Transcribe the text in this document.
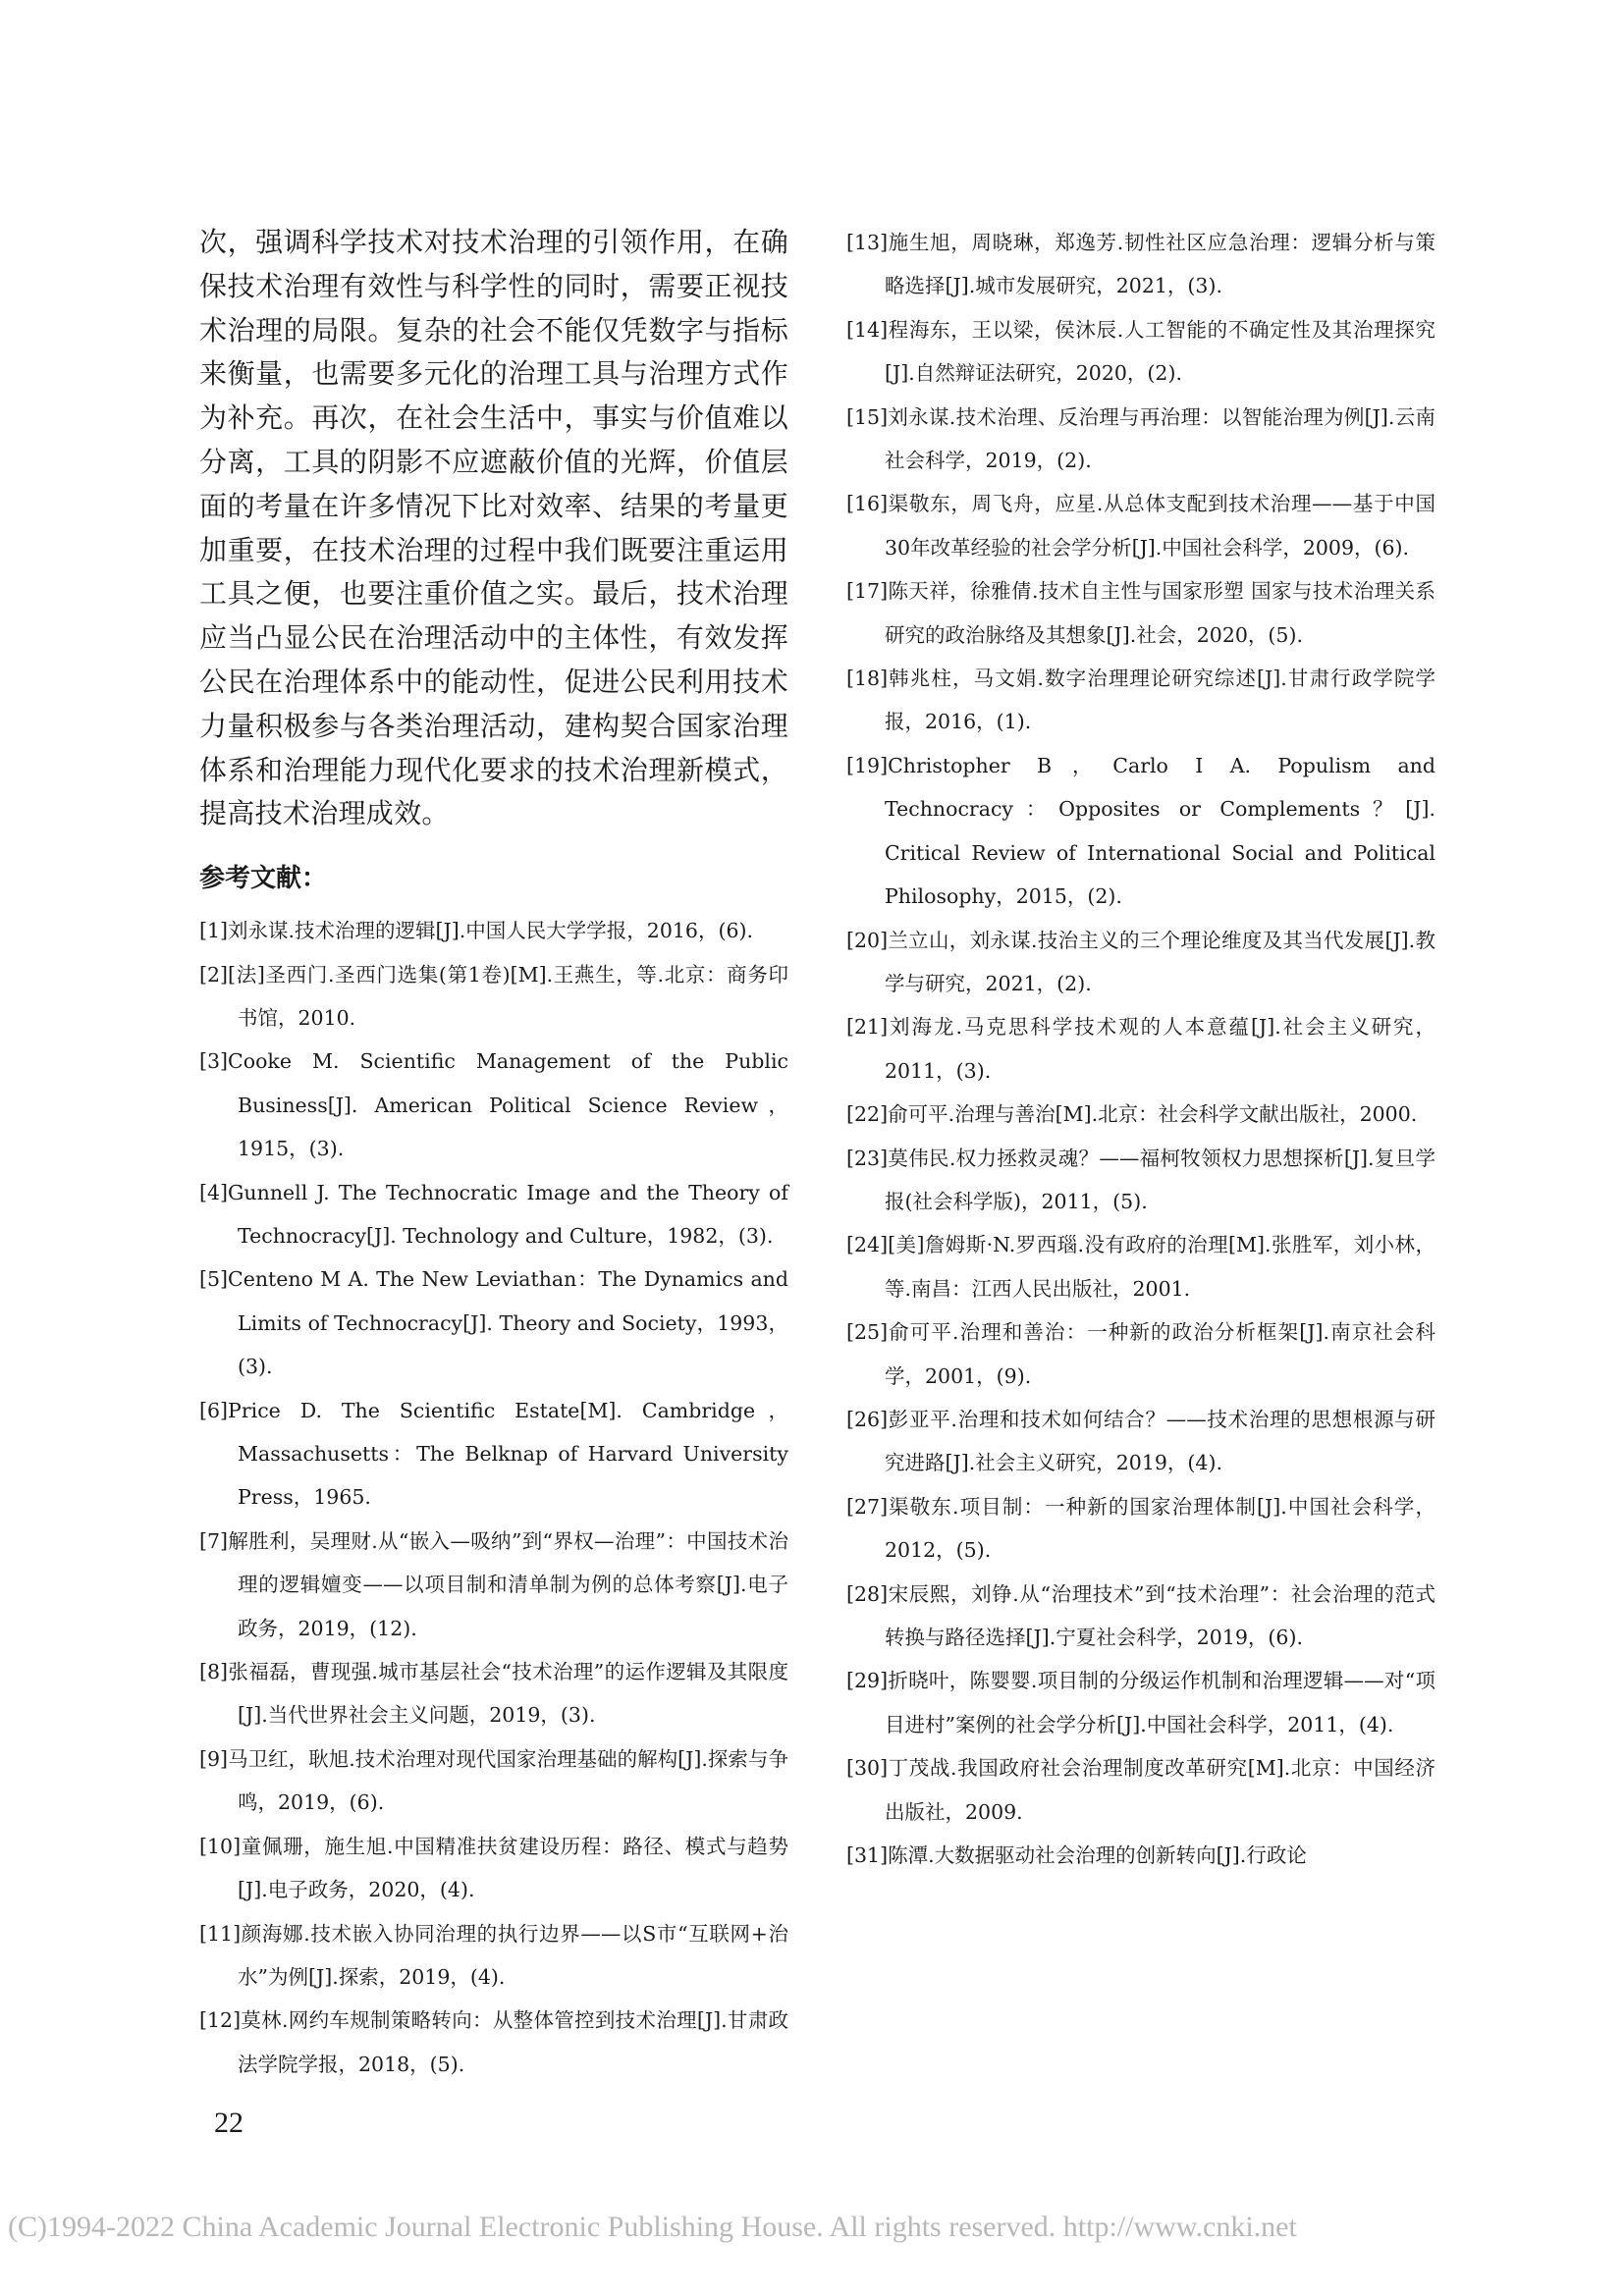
次，强调科学技术对技术治理的引领作用，在确保技术治理有效性与科学性的同时，需要正视技术治理的局限。复杂的社会不能仅凭数字与指标来衡量，也需要多元化的治理工具与治理方式作为补充。再次，在社会生活中，事实与价值难以分离，工具的阴影不应遮蔽价值的光辉，价值层面的考量在许多情况下比对效率、结果的考量更加重要，在技术治理的过程中我们既要注重运用工具之便，也要注重价值之实。最后，技术治理应当凸显公民在治理活动中的主体性，有效发挥公民在治理体系中的能动性，促进公民利用技术力量积极参与各类治理活动，建构契合国家治理体系和治理能力现代化要求的技术治理新模式，提高技术治理成效。

参考文献：
[1]刘永谋.技术治理的逻辑[J].中国人民大学学报，2016，(6).
[2][法]圣西门.圣西门选集(第1卷)[M].王燕生，等.北京：商务印书馆，2010.
[3]Cooke M. Scientific Management of the Public Business[J]. American Political Science Review，1915，(3).
[4]Gunnell J. The Technocratic Image and the Theory of Technocracy[J]. Technology and Culture，1982，(3).
[5]Centeno M A. The New Leviathan：The Dynamics and Limits of Technocracy[J]. Theory and Society，1993，(3).
[6]Price D. The Scientific Estate[M]. Cambridge，Massachusetts：The Belknap of Harvard University Press，1965.
[7]解胜利，吴理财.从“嵌入—吸纳”到“界权—治理”：中国技术治理的逻辑嬗变——以项目制和清单制为例的总体考察[J].电子政务，2019，(12).
[8]张福磊，曹现强.城市基层社会“技术治理”的运作逻辑及其限度[J].当代世界社会主义问题，2019，(3).
[9]马卫红，耿旭.技术治理对现代国家治理基础的解构[J].探索与争鸣，2019，(6).
[10]童佩珊，施生旭.中国精准扶贫建设历程：路径、模式与趋势[J].电子政务，2020，(4).
[11]颜海娜.技术嵌入协同治理的执行边界——以S市“互联网+治水”为例[J].探索，2019，(4).
[12]莫林.网约车规制策略转向：从整体管控到技术治理[J].甘肃政法学院学报，2018，(5).
[13]施生旭，周晓琳，郑逸芳.韧性社区应急治理：逻辑分析与策略选择[J].城市发展研究，2021，(3).
[14]程海东，王以梁，侯沐辰.人工智能的不确定性及其治理探究[J].自然辩证法研究，2020，(2).
[15]刘永谋.技术治理、反治理与再治理：以智能治理为例[J].云南社会科学，2019，(2).
[16]渠敬东，周飞舟，应星.从总体支配到技术治理——基于中国30年改革经验的社会学分析[J].中国社会科学，2009，(6).
[17]陈天祥，徐雅倩.技术自主性与国家形塑 国家与技术治理关系研究的政治脉络及其想象[J].社会，2020，(5).
[18]韩兆柱，马文娟.数字治理理论研究综述[J].甘肃行政学院学报，2016，(1).
[19]Christopher B，Carlo I A. Populism and Technocracy：Opposites or Complements？[J]. Critical Review of International Social and Political Philosophy，2015，(2).
[20]兰立山，刘永谋.技治主义的三个理论维度及其当代发展[J].教学与研究，2021，(2).
[21]刘海龙.马克思科学技术观的人本意蕴[J].社会主义研究，2011，(3).
[22]俞可平.治理与善治[M].北京：社会科学文献出版社，2000.
[23]莫伟民.权力拯救灵魂？——福柯牧领权力思想探析[J].复旦学报(社会科学版)，2011，(5).
[24][美]詹姆斯·N.罗西瑙.没有政府的治理[M].张胜军，刘小林，等.南昌：江西人民出版社，2001.
[25]俞可平.治理和善治：一种新的政治分析框架[J].南京社会科学，2001，(9).
[26]彭亚平.治理和技术如何结合？——技术治理的思想根源与研究进路[J].社会主义研究，2019，(4).
[27]渠敬东.项目制：一种新的国家治理体制[J].中国社会科学，2012，(5).
[28]宋辰熙，刘铮.从“治理技术”到“技术治理”：社会治理的范式转换与路径选择[J].宁夏社会科学，2019，(6).
[29]折晓叶，陈婴婴.项目制的分级运作机制和治理逻辑——对“项目进村”案例的社会学分析[J].中国社会科学，2011，(4).
[30]丁茂战.我国政府社会治理制度改革研究[M].北京：中国经济出版社，2009.
[31]陈潭.大数据驱动社会治理的创新转向[J].行政论
22
(C)1994-2022 China Academic Journal Electronic Publishing House. All rights reserved. http://www.cnki.net
